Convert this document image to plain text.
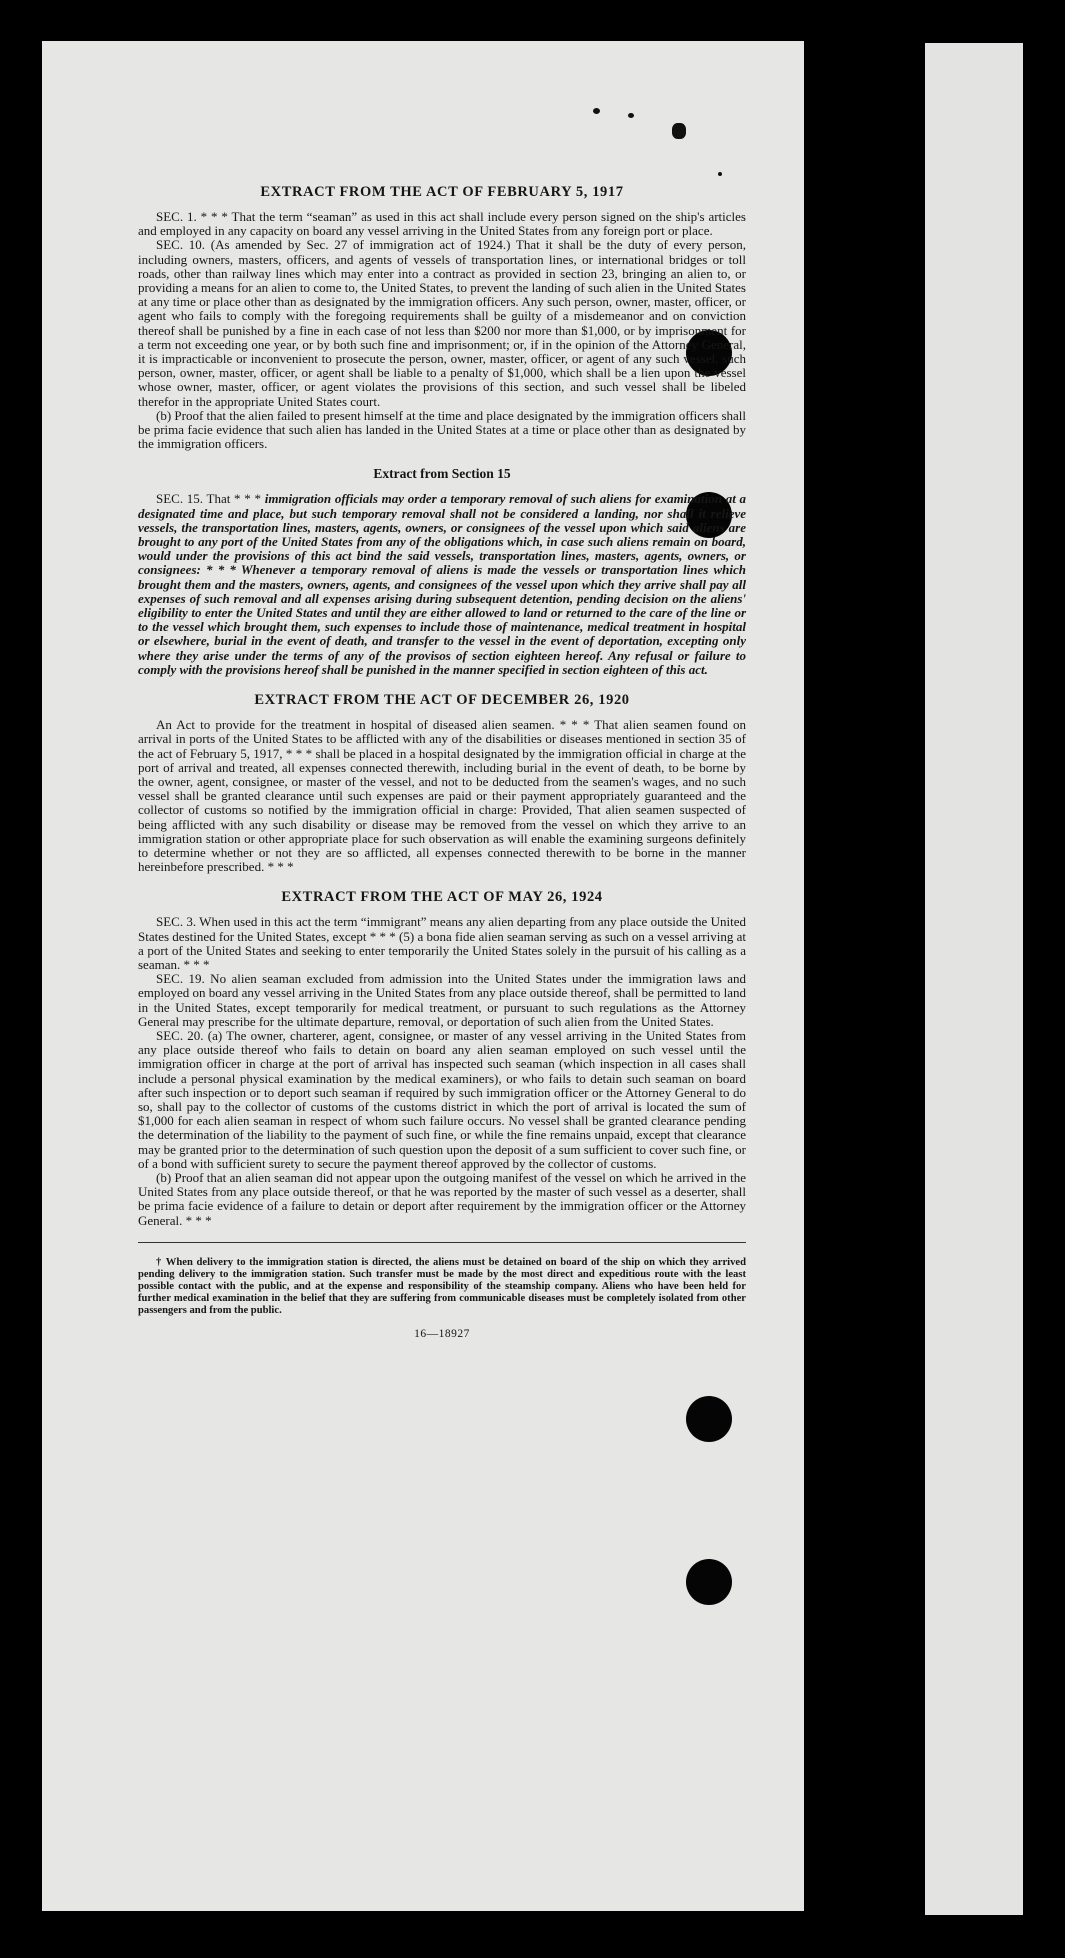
EXTRACT FROM THE ACT OF FEBRUARY 5, 1917

SEC. 1. * * * That the term “seaman” as used in this act shall include every person signed on the ship's articles and employed in any capacity on board any vessel arriving in the United States from any foreign port or place.

SEC. 10. (As amended by Sec. 27 of immigration act of 1924.) That it shall be the duty of every person, including owners, masters, officers, and agents of vessels of transportation lines, or international bridges or toll roads, other than railway lines which may enter into a contract as provided in section 23, bringing an alien to, or providing a means for an alien to come to, the United States, to prevent the landing of such alien in the United States at any time or place other than as designated by the immigration officers. Any such person, owner, master, officer, or agent who fails to comply with the foregoing requirements shall be guilty of a misdemeanor and on conviction thereof shall be punished by a fine in each case of not less than $200 nor more than $1,000, or by imprisonment for a term not exceeding one year, or by both such fine and imprisonment; or, if in the opinion of the Attorney General, it is impracticable or inconvenient to prosecute the person, owner, master, officer, or agent of any such vessel, such person, owner, master, officer, or agent shall be liable to a penalty of $1,000, which shall be a lien upon the vessel whose owner, master, officer, or agent violates the provisions of this section, and such vessel shall be libeled therefor in the appropriate United States court.

(b) Proof that the alien failed to present himself at the time and place designated by the immigration officers shall be prima facie evidence that such alien has landed in the United States at a time or place other than as designated by the immigration officers.

Extract from Section 15

SEC. 15. That * * * immigration officials may order a temporary removal of such aliens for examination at a designated time and place, but such temporary removal shall not be considered a landing, nor shall it relieve vessels, the transportation lines, masters, agents, owners, or consignees of the vessel upon which said aliens are brought to any port of the United States from any of the obligations which, in case such aliens remain on board, would under the provisions of this act bind the said vessels, transportation lines, masters, agents, owners, or consignees: * * * Whenever a temporary removal of aliens is made the vessels or transportation lines which brought them and the masters, owners, agents, and consignees of the vessel upon which they arrive shall pay all expenses of such removal and all expenses arising during subsequent detention, pending decision on the aliens' eligibility to enter the United States and until they are either allowed to land or returned to the care of the line or to the vessel which brought them, such expenses to include those of maintenance, medical treatment in hospital or elsewhere, burial in the event of death, and transfer to the vessel in the event of deportation, excepting only where they arise under the terms of any of the provisos of section eighteen hereof. Any refusal or failure to comply with the provisions hereof shall be punished in the manner specified in section eighteen of this act.

EXTRACT FROM THE ACT OF DECEMBER 26, 1920

An Act to provide for the treatment in hospital of diseased alien seamen. * * * That alien seamen found on arrival in ports of the United States to be afflicted with any of the disabilities or diseases mentioned in section 35 of the act of February 5, 1917, * * * shall be placed in a hospital designated by the immigration official in charge at the port of arrival and treated, all expenses connected therewith, including burial in the event of death, to be borne by the owner, agent, consignee, or master of the vessel, and not to be deducted from the seamen's wages, and no such vessel shall be granted clearance until such expenses are paid or their payment appropriately guaranteed and the collector of customs so notified by the immigration official in charge: Provided, That alien seamen suspected of being afflicted with any such disability or disease may be removed from the vessel on which they arrive to an immigration station or other appropriate place for such observation as will enable the examining surgeons definitely to determine whether or not they are so afflicted, all expenses connected therewith to be borne in the manner hereinbefore prescribed. * * *

EXTRACT FROM THE ACT OF MAY 26, 1924

SEC. 3. When used in this act the term “immigrant” means any alien departing from any place outside the United States destined for the United States, except * * * (5) a bona fide alien seaman serving as such on a vessel arriving at a port of the United States and seeking to enter temporarily the United States solely in the pursuit of his calling as a seaman. * * *

SEC. 19. No alien seaman excluded from admission into the United States under the immigration laws and employed on board any vessel arriving in the United States from any place outside thereof, shall be permitted to land in the United States, except temporarily for medical treatment, or pursuant to such regulations as the Attorney General may prescribe for the ultimate departure, removal, or deportation of such alien from the United States.

SEC. 20. (a) The owner, charterer, agent, consignee, or master of any vessel arriving in the United States from any place outside thereof who fails to detain on board any alien seaman employed on such vessel until the immigration officer in charge at the port of arrival has inspected such seaman (which inspection in all cases shall include a personal physical examination by the medical examiners), or who fails to detain such seaman on board after such inspection or to deport such seaman if required by such immigration officer or the Attorney General to do so, shall pay to the collector of customs of the customs district in which the port of arrival is located the sum of $1,000 for each alien seaman in respect of whom such failure occurs. No vessel shall be granted clearance pending the determination of the liability to the payment of such fine, or while the fine remains unpaid, except that clearance may be granted prior to the determination of such question upon the deposit of a sum sufficient to cover such fine, or of a bond with sufficient surety to secure the payment thereof approved by the collector of customs.

(b) Proof that an alien seaman did not appear upon the outgoing manifest of the vessel on which he arrived in the United States from any place outside thereof, or that he was reported by the master of such vessel as a deserter, shall be prima facie evidence of a failure to detain or deport after requirement by the immigration officer or the Attorney General. * * *

† When delivery to the immigration station is directed, the aliens must be detained on board of the ship on which they arrived pending delivery to the immigration station. Such transfer must be made by the most direct and expeditious route with the least possible contact with the public, and at the expense and responsibility of the steamship company. Aliens who have been held for further medical examination in the belief that they are suffering from communicable diseases must be completely isolated from other passengers and from the public.
16—18927
